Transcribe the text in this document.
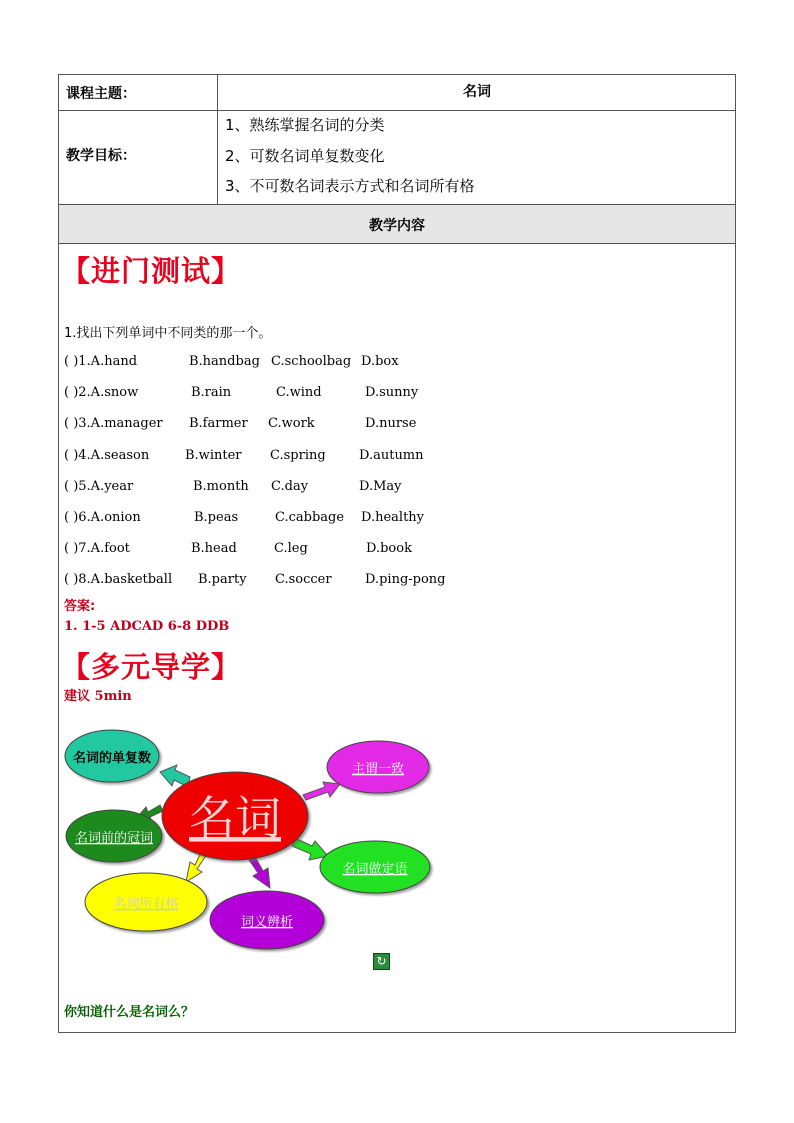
课程主题：	名词
教学目标：
1、熟练掌握名词的分类
2、可数名词单复数变化
3、不可数名词表示方式和名词所有格
教学内容
【进门测试】
1.找出下列单词中不同类的那一个。
( )1.A.hand	B.handbag C.schoolbag D.box
( )2.A.snow	B.rain	C.wind	D.sunny
( )3.A.manager B.farmer C.work	D.nurse
( )4.A.season	B.winter C.spring	D.autumn
( )5.A.year	B.month C.day	D.May
( )6.A.onion	B.peas	C.cabbage D.healthy
( )7.A.foot	B.head	C.leg	D.book
( )8.A.basketball B.party C.soccer	D.ping-pong
答案:
1. 1-5 ADCAD 6-8 DDB
【多元导学】
建议 5min
你知道什么是名词么？
名词的单复数
主谓一致
名词前的冠词 名词
名词做定语
名词所有格
词义辨析
↻
